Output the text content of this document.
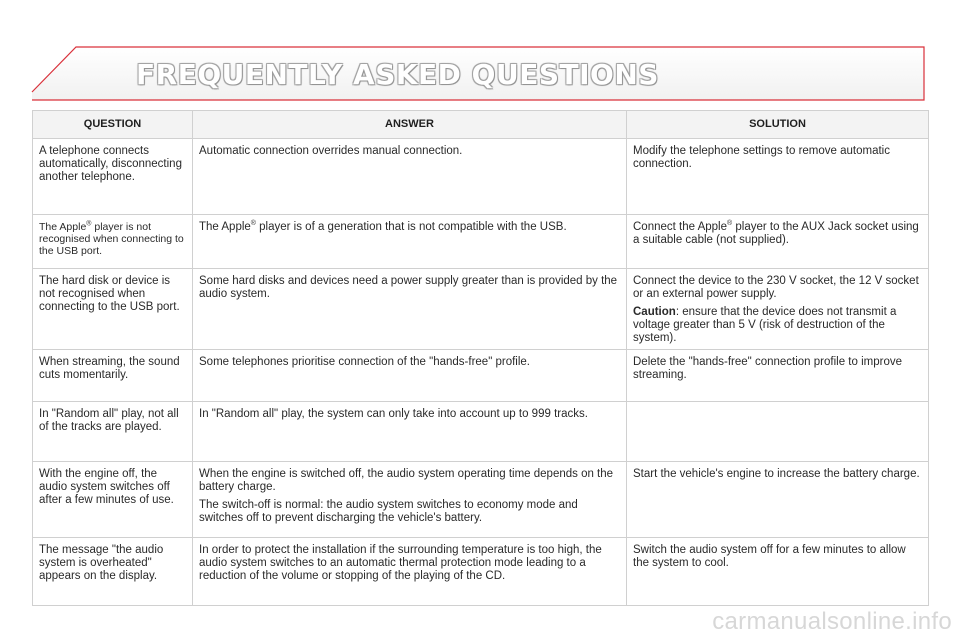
FREQUENTLY ASKED QUESTIONS
QUESTION	ANSWER	SOLUTION
A telephone connects automatically, disconnecting another telephone.	Automatic connection overrides manual connection.	Modify the telephone settings to remove automatic connection.
The Apple® player is not recognised when connecting to the USB port.	The Apple® player is of a generation that is not compatible with the USB.	Connect the Apple® player to the AUX Jack socket using a suitable cable (not supplied).
The hard disk or device is not recognised when connecting to the USB port.	Some hard disks and devices need a power supply greater than is provided by the audio system.	Connect the device to the 230 V socket, the 12 V socket or an external power supply.

Caution: ensure that the device does not transmit a voltage greater than 5 V (risk of destruction of the system).

When streaming, the sound cuts momentarily.	Some telephones prioritise connection of the "hands-free" profile.	Delete the "hands-free" connection profile to improve streaming.
In "Random all" play, not all of the tracks are played.	In "Random all" play, the system can only take into account up to 999 tracks.	
With the engine off, the audio system switches off after a few minutes of use.	When the engine is switched off, the audio system operating time depends on the battery charge.

The switch-off is normal: the audio system switches to economy mode and switches off to prevent discharging the vehicle's battery.	Start the vehicle's engine to increase the battery charge.
The message "the audio system is overheated" appears on the display.	In order to protect the installation if the surrounding temperature is too high, the audio system switches to an automatic thermal protection mode leading to a reduction of the volume or stopping of the playing of the CD.	Switch the audio system off for a few minutes to allow the system to cool.
carmanualsonline.info
